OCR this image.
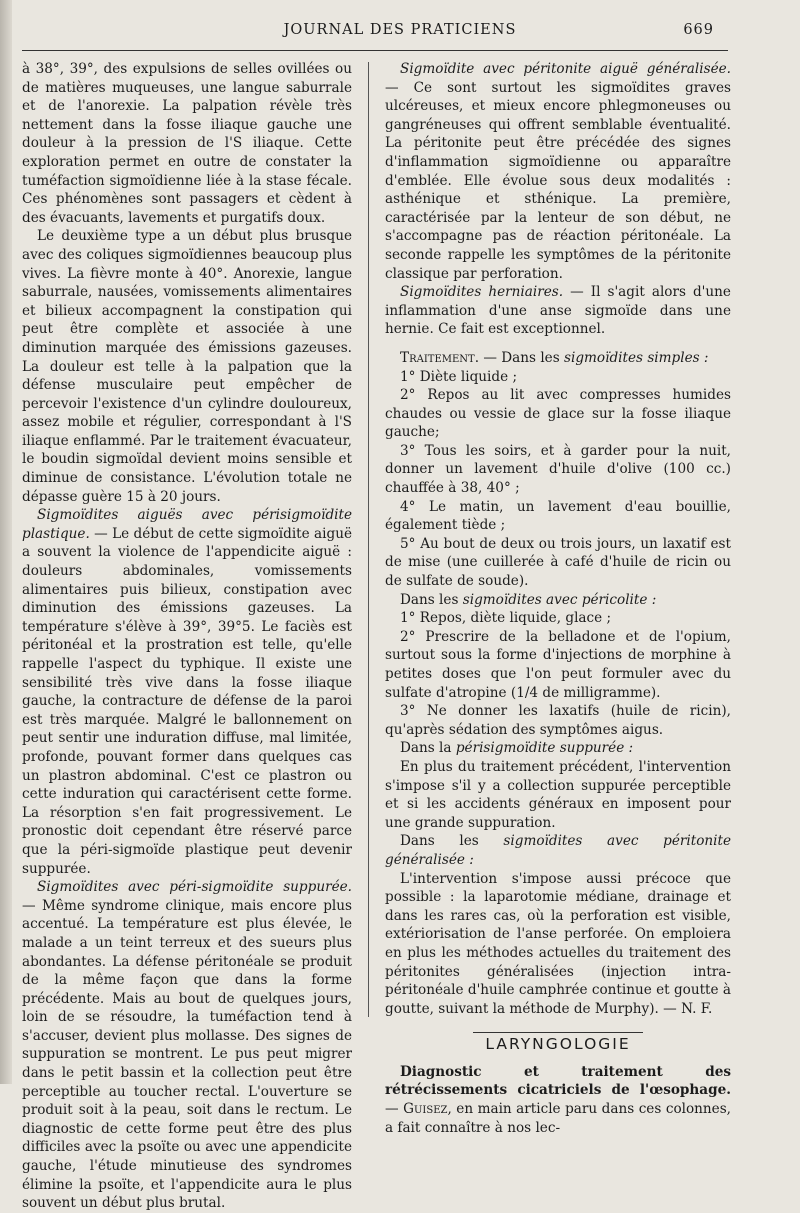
JOURNAL DES PRATICIENS	669

à 38°, 39°, des expulsions de selles ovillées ou de matières muqueuses, une langue saburrale et de l'anorexie. La palpation révèle très nettement dans la fosse iliaque gauche une douleur à la pression de l'S iliaque. Cette exploration permet en outre de constater la tuméfaction sigmoïdienne liée à la stase fécale. Ces phénomènes sont passagers et cèdent à des évacuants, lavements et purgatifs doux.

Le deuxième type a un début plus brusque avec des coliques sigmoïdiennes beaucoup plus vives. La fièvre monte à 40°. Anorexie, langue saburrale, nausées, vomissements alimentaires et bilieux accompagnent la constipation qui peut être complète et associée à une diminution marquée des émissions gazeuses. La douleur est telle à la palpation que la défense musculaire peut empêcher de percevoir l'existence d'un cylindre douloureux, assez mobile et régulier, correspondant à l'S iliaque enflammé. Par le traitement évacuateur, le boudin sigmoïdal devient moins sensible et diminue de consistance. L'évolution totale ne dépasse guère 15 à 20 jours.

Sigmoïdites aiguës avec périsigmoïdite plastique. — Le début de cette sigmoïdite aiguë a souvent la violence de l'appendicite aiguë : douleurs abdominales, vomissements alimentaires puis bilieux, constipation avec diminution des émissions gazeuses. La température s'élève à 39°, 39°5. Le faciès est péritonéal et la prostration est telle, qu'elle rappelle l'aspect du typhique. Il existe une sensibilité très vive dans la fosse iliaque gauche, la contracture de défense de la paroi est très marquée. Malgré le ballonnement on peut sentir une induration diffuse, mal limitée, profonde, pouvant former dans quelques cas un plastron abdominal. C'est ce plastron ou cette induration qui caractérisent cette forme. La résorption s'en fait progressivement. Le pronostic doit cependant être réservé parce que la péri-sigmoïde plastique peut devenir suppurée.

Sigmoïdites avec péri-sigmoïdite suppurée. — Même syndrome clinique, mais encore plus accentué. La température est plus élevée, le malade a un teint terreux et des sueurs plus abondantes. La défense péritonéale se produit de la même façon que dans la forme précédente. Mais au bout de quelques jours, loin de se résoudre, la tuméfaction tend à s'accuser, devient plus mollasse. Des signes de suppuration se montrent. Le pus peut migrer dans le petit bassin et la collection peut être perceptible au toucher rectal. L'ouverture se produit soit à la peau, soit dans le rectum. Le diagnostic de cette forme peut être des plus difficiles avec la psoïte ou avec une appendicite gauche, l'étude minutieuse des syndromes élimine la psoïte, et l'appendicite aura le plus souvent un début plus brutal.

Sigmoïdite avec péritonite aiguë généralisée. — Ce sont surtout les sigmoïdites graves ulcéreuses, et mieux encore phlegmoneuses ou gangréneuses qui offrent semblable éventualité. La péritonite peut être précédée des signes d'inflammation sigmoïdienne ou apparaître d'emblée. Elle évolue sous deux modalités : asthénique et sthénique. La première, caractérisée par la lenteur de son début, ne s'accompagne pas de réaction péritonéale. La seconde rappelle les symptômes de la péritonite classique par perforation.

Sigmoïdites herniaires. — Il s'agit alors d'une inflammation d'une anse sigmoïde dans une hernie. Ce fait est exceptionnel.

Traitement. — Dans les sigmoïdites simples :

1° Diète liquide ;

2° Repos au lit avec compresses humides chaudes ou vessie de glace sur la fosse iliaque gauche;

3° Tous les soirs, et à garder pour la nuit, donner un lavement d'huile d'olive (100 cc.) chauffée à 38, 40° ;

4° Le matin, un lavement d'eau bouillie, également tiède ;

5° Au bout de deux ou trois jours, un laxatif est de mise (une cuillerée à café d'huile de ricin ou de sulfate de soude).

Dans les sigmoïdites avec péricolite :

1° Repos, diète liquide, glace ;

2° Prescrire de la belladone et de l'opium, surtout sous la forme d'injections de morphine à petites doses que l'on peut formuler avec du sulfate d'atropine (1/4 de milligramme).

3° Ne donner les laxatifs (huile de ricin), qu'après sédation des symptômes aigus.

Dans la périsigmoïdite suppurée :

En plus du traitement précédent, l'intervention s'impose s'il y a collection suppurée perceptible et si les accidents généraux en imposent pour une grande suppuration.

Dans les sigmoïdites avec péritonite généralisée :

L'intervention s'impose aussi précoce que possible : la laparotomie médiane, drainage et dans les rares cas, où la perforation est visible, extériorisation de l'anse perforée. On emploiera en plus les méthodes actuelles du traitement des péritonites généralisées (injection intra-péritonéale d'huile camphrée continue et goutte à goutte, suivant la méthode de Murphy). — N. F.

LARYNGOLOGIE

Diagnostic et traitement des rétrécissements cicatriciels de l'œsophage. — Guisez, en main article paru dans ces colonnes, a fait connaître à nos lec-
